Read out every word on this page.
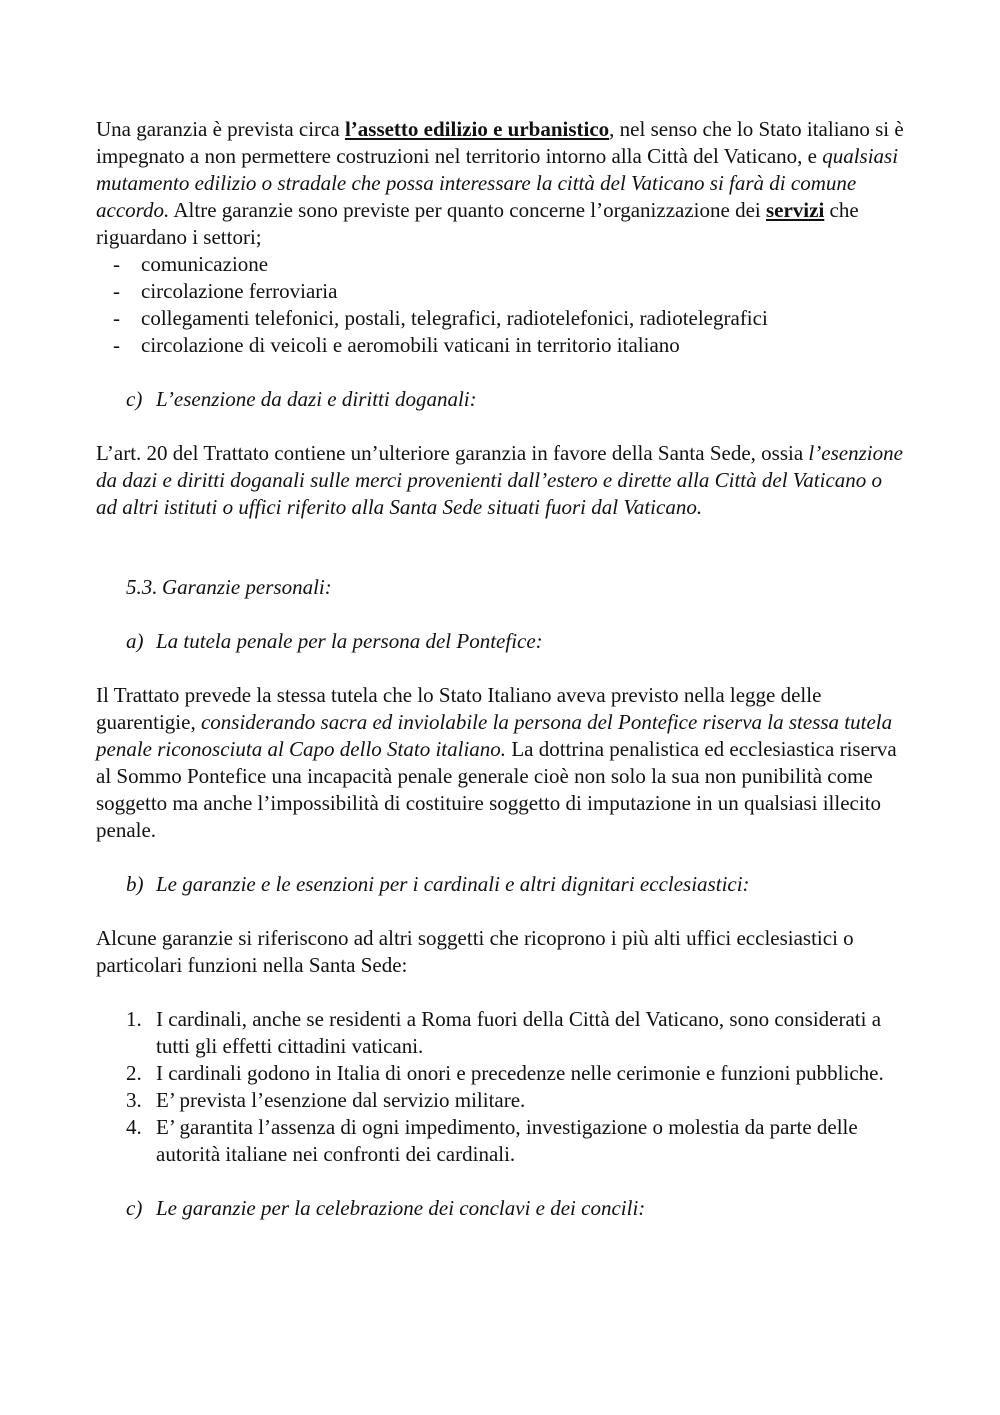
Una garanzia è prevista circa l’assetto edilizio e urbanistico, nel senso che lo Stato italiano si è impegnato a non permettere costruzioni nel territorio intorno alla Città del Vaticano, e qualsiasi mutamento edilizio o stradale che possa interessare la città del Vaticano si farà di comune accordo. Altre garanzie sono previste per quanto concerne l’organizzazione dei servizi che riguardano i settori;

- comunicazione
- circolazione ferroviaria
- collegamenti telefonici, postali, telegrafici, radiotelefonici, radiotelegrafici
- circolazione di veicoli e aeromobili vaticani in territorio italiano

c) L’esenzione da dazi e diritti doganali:

L’art. 20 del Trattato contiene un’ulteriore garanzia in favore della Santa Sede, ossia l’esenzione da dazi e diritti doganali sulle merci provenienti dall’estero e dirette alla Città del Vaticano o ad altri istituti o uffici riferito alla Santa Sede situati fuori dal Vaticano.

5.3. Garanzie personali:

a) La tutela penale per la persona del Pontefice:

Il Trattato prevede la stessa tutela che lo Stato Italiano aveva previsto nella legge delle guarentigie, considerando sacra ed inviolabile la persona del Pontefice riserva la stessa tutela penale riconosciuta al Capo dello Stato italiano. La dottrina penalistica ed ecclesiastica riserva al Sommo Pontefice una incapacità penale generale cioè non solo la sua non punibilità come soggetto ma anche l’impossibilità di costituire soggetto di imputazione in un qualsiasi illecito penale.

b) Le garanzie e le esenzioni per i cardinali e altri dignitari ecclesiastici:

Alcune garanzie si riferiscono ad altri soggetti che ricoprono i più alti uffici ecclesiastici o particolari funzioni nella Santa Sede:

1. I cardinali, anche se residenti a Roma fuori della Città del Vaticano, sono considerati a tutti gli effetti cittadini vaticani.
2. I cardinali godono in Italia di onori e precedenze nelle cerimonie e funzioni pubbliche.
3. E’ prevista l’esenzione dal servizio militare.
4. E’ garantita l’assenza di ogni impedimento, investigazione o molestia da parte delle autorità italiane nei confronti dei cardinali.

c) Le garanzie per la celebrazione dei conclavi e dei concili:
